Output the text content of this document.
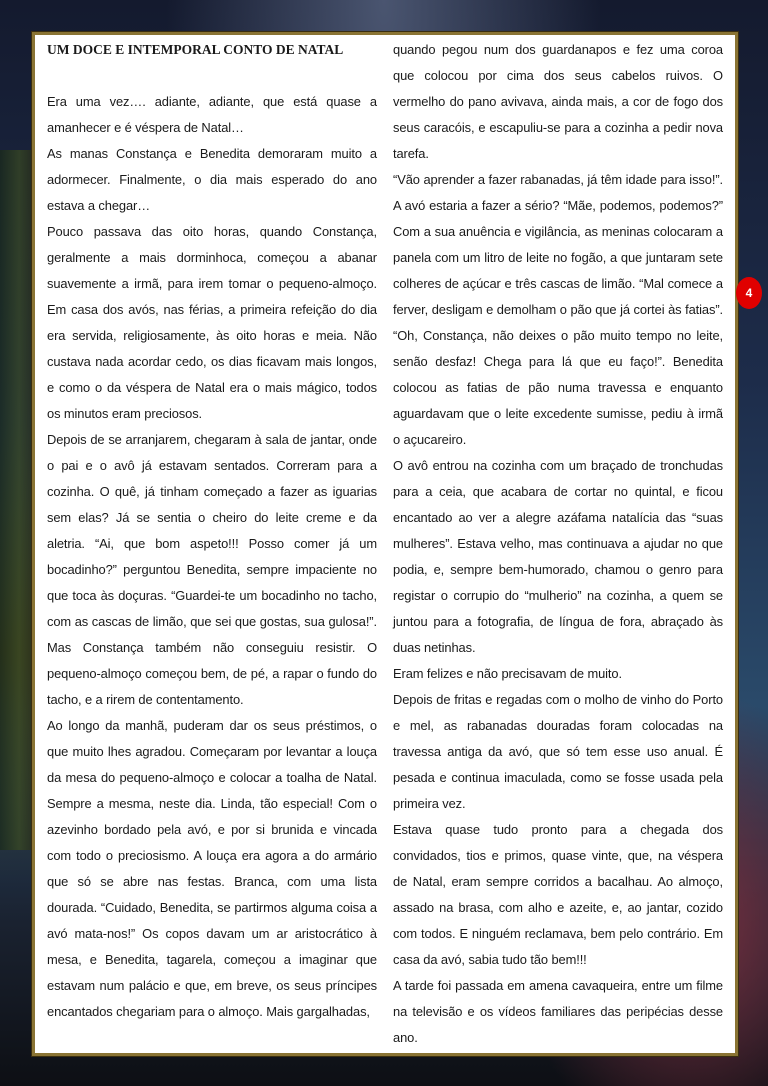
UM DOCE E INTEMPORAL CONTO DE NATAL

Era uma vez…. adiante, adiante, que está quase a amanhecer e é véspera de Natal…

As manas Constança e Benedita demoraram muito a adormecer. Finalmente, o dia mais esperado do ano estava a chegar…

Pouco passava das oito horas, quando Constança, geralmente a mais dorminhoca, começou a abanar suavemente a irmã, para irem tomar o pequeno-almoço. Em casa dos avós, nas férias, a primeira refeição do dia era servida, religiosamente, às oito horas e meia. Não custava nada acordar cedo, os dias ficavam mais longos, e como o da véspera de Natal era o mais mágico, todos os minutos eram preciosos.

Depois de se arranjarem, chegaram à sala de jantar, onde o pai e o avô já estavam sentados. Correram para a cozinha. O quê, já tinham começado a fazer as iguarias sem elas? Já se sentia o cheiro do leite creme e da aletria. “Ai, que bom aspeto!!! Posso comer já um bocadinho?” perguntou Benedita, sempre impaciente no que toca às doçuras. “Guardei-te um bocadinho no tacho, com as cascas de limão, que sei que gostas, sua gulosa!”. Mas Constança também não conseguiu resistir. O pequeno-almoço começou bem, de pé, a rapar o fundo do tacho, e a rirem de contentamento.

Ao longo da manhã, puderam dar os seus préstimos, o que muito lhes agradou. Começaram por levantar a louça da mesa do pequeno-almoço e colocar a toalha de Natal. Sempre a mesma, neste dia. Linda, tão especial! Com o azevinho bordado pela avó, e por si brunida e vincada com todo o preciosismo. A louça era agora a do armário que só se abre nas festas. Branca, com uma lista dourada. “Cuidado, Benedita, se partirmos alguma coisa a avó mata-nos!” Os copos davam um ar aristocrático à mesa, e Benedita, tagarela, começou a imaginar que estavam num palácio e que, em breve, os seus príncipes encantados chegariam para o almoço. Mais gargalhadas,

quando pegou num dos guardanapos e fez uma coroa que colocou por cima dos seus cabelos ruivos. O vermelho do pano avivava, ainda mais, a cor de fogo dos seus caracóis, e escapuliu-se para a cozinha a pedir nova tarefa.

“Vão aprender a fazer rabanadas, já têm idade para isso!”. A avó estaria a fazer a sério? “Mãe, podemos, podemos?” Com a sua anuência e vigilância, as meninas colocaram a panela com um litro de leite no fogão, a que juntaram sete colheres de açúcar e três cascas de limão. “Mal comece a ferver, desligam e demolham o pão que já cortei às fatias”. “Oh, Constança, não deixes o pão muito tempo no leite, senão desfaz! Chega para lá que eu faço!”. Benedita colocou as fatias de pão numa travessa e enquanto aguardavam que o leite excedente sumisse, pediu à irmã o açucareiro.

O avô entrou na cozinha com um braçado de tronchudas para a ceia, que acabara de cortar no quintal, e ficou encantado ao ver a alegre azáfama natalícia das “suas mulheres”. Estava velho, mas continuava a ajudar no que podia, e, sempre bem-humorado, chamou o genro para registar o corrupio do “mulherio” na cozinha, a quem se juntou para a fotografia, de língua de fora, abraçado às duas netinhas.

Eram felizes e não precisavam de muito.

Depois de fritas e regadas com o molho de vinho do Porto e mel, as rabanadas douradas foram colocadas na travessa antiga da avó, que só tem esse uso anual. É pesada e continua imaculada, como se fosse usada pela primeira vez.

Estava quase tudo pronto para a chegada dos convidados, tios e primos, quase vinte, que, na véspera de Natal, eram sempre corridos a bacalhau. Ao almoço, assado na brasa, com alho e azeite, e, ao jantar, cozido com todos. E ninguém reclamava, bem pelo contrário. Em casa da avó, sabia tudo tão bem!!!

A tarde foi passada em amena cavaqueira, entre um filme na televisão e os vídeos familiares das peripécias desse ano.

4
